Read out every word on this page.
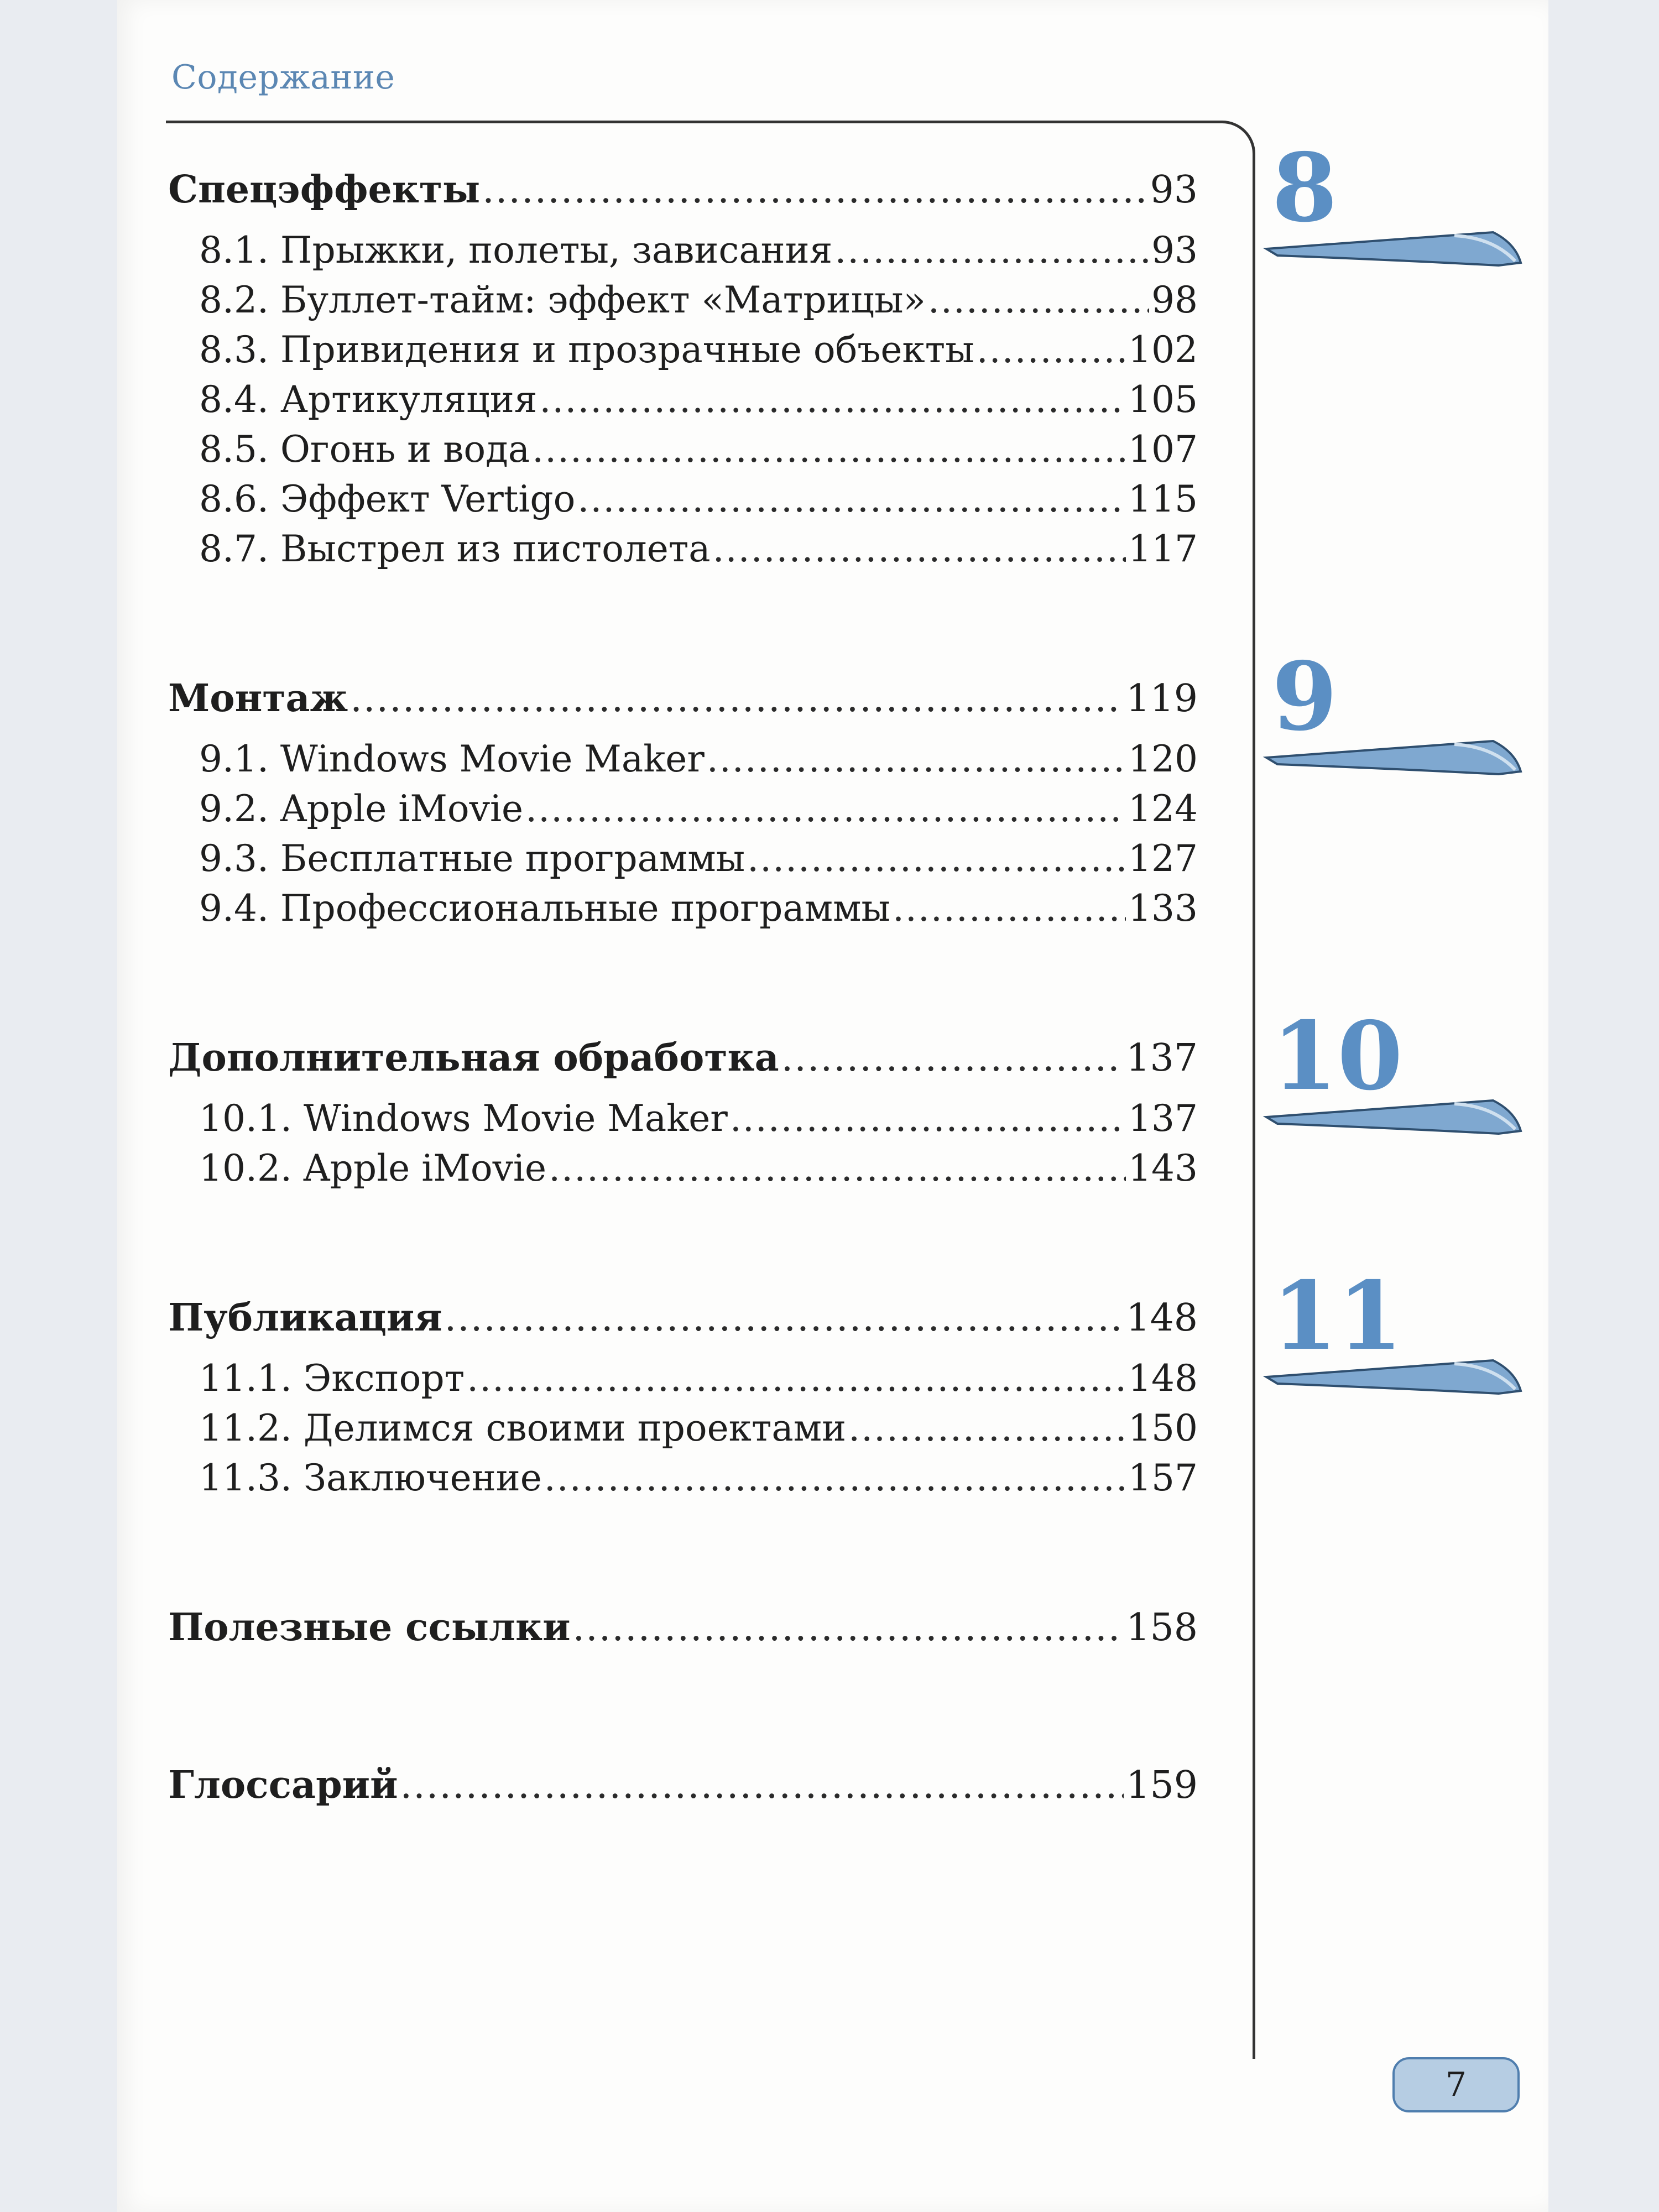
Содержание
Спецэффекты .....	93
8.1. Прыжки, полеты, зависания .....	93
8.2. Буллет-тайм: эффект «Матрицы» .....	98
8.3. Привидения и прозрачные объекты .....	102
8.4. Артикуляция .....	105
8.5. Огонь и вода .....	107
8.6. Эффект Vertigo .....	115
8.7. Выстрел из пистолета .....	117
Монтаж .....	119
9.1. Windows Movie Maker .....	120
9.2. Apple iMovie .....	124
9.3. Бесплатные программы .....	127
9.4. Профессиональные программы .....	133
Дополнительная обработка .....	137
10.1. Windows Movie Maker .....	137
10.2. Apple iMovie .....	143
Публикация .....	148
11.1. Экспорт .....	148
11.2. Делимся своими проектами .....	150
11.3. Заключение .....	157
Полезные ссылки .....	158
Глоссарий .....	159
8
9
10
11
7
